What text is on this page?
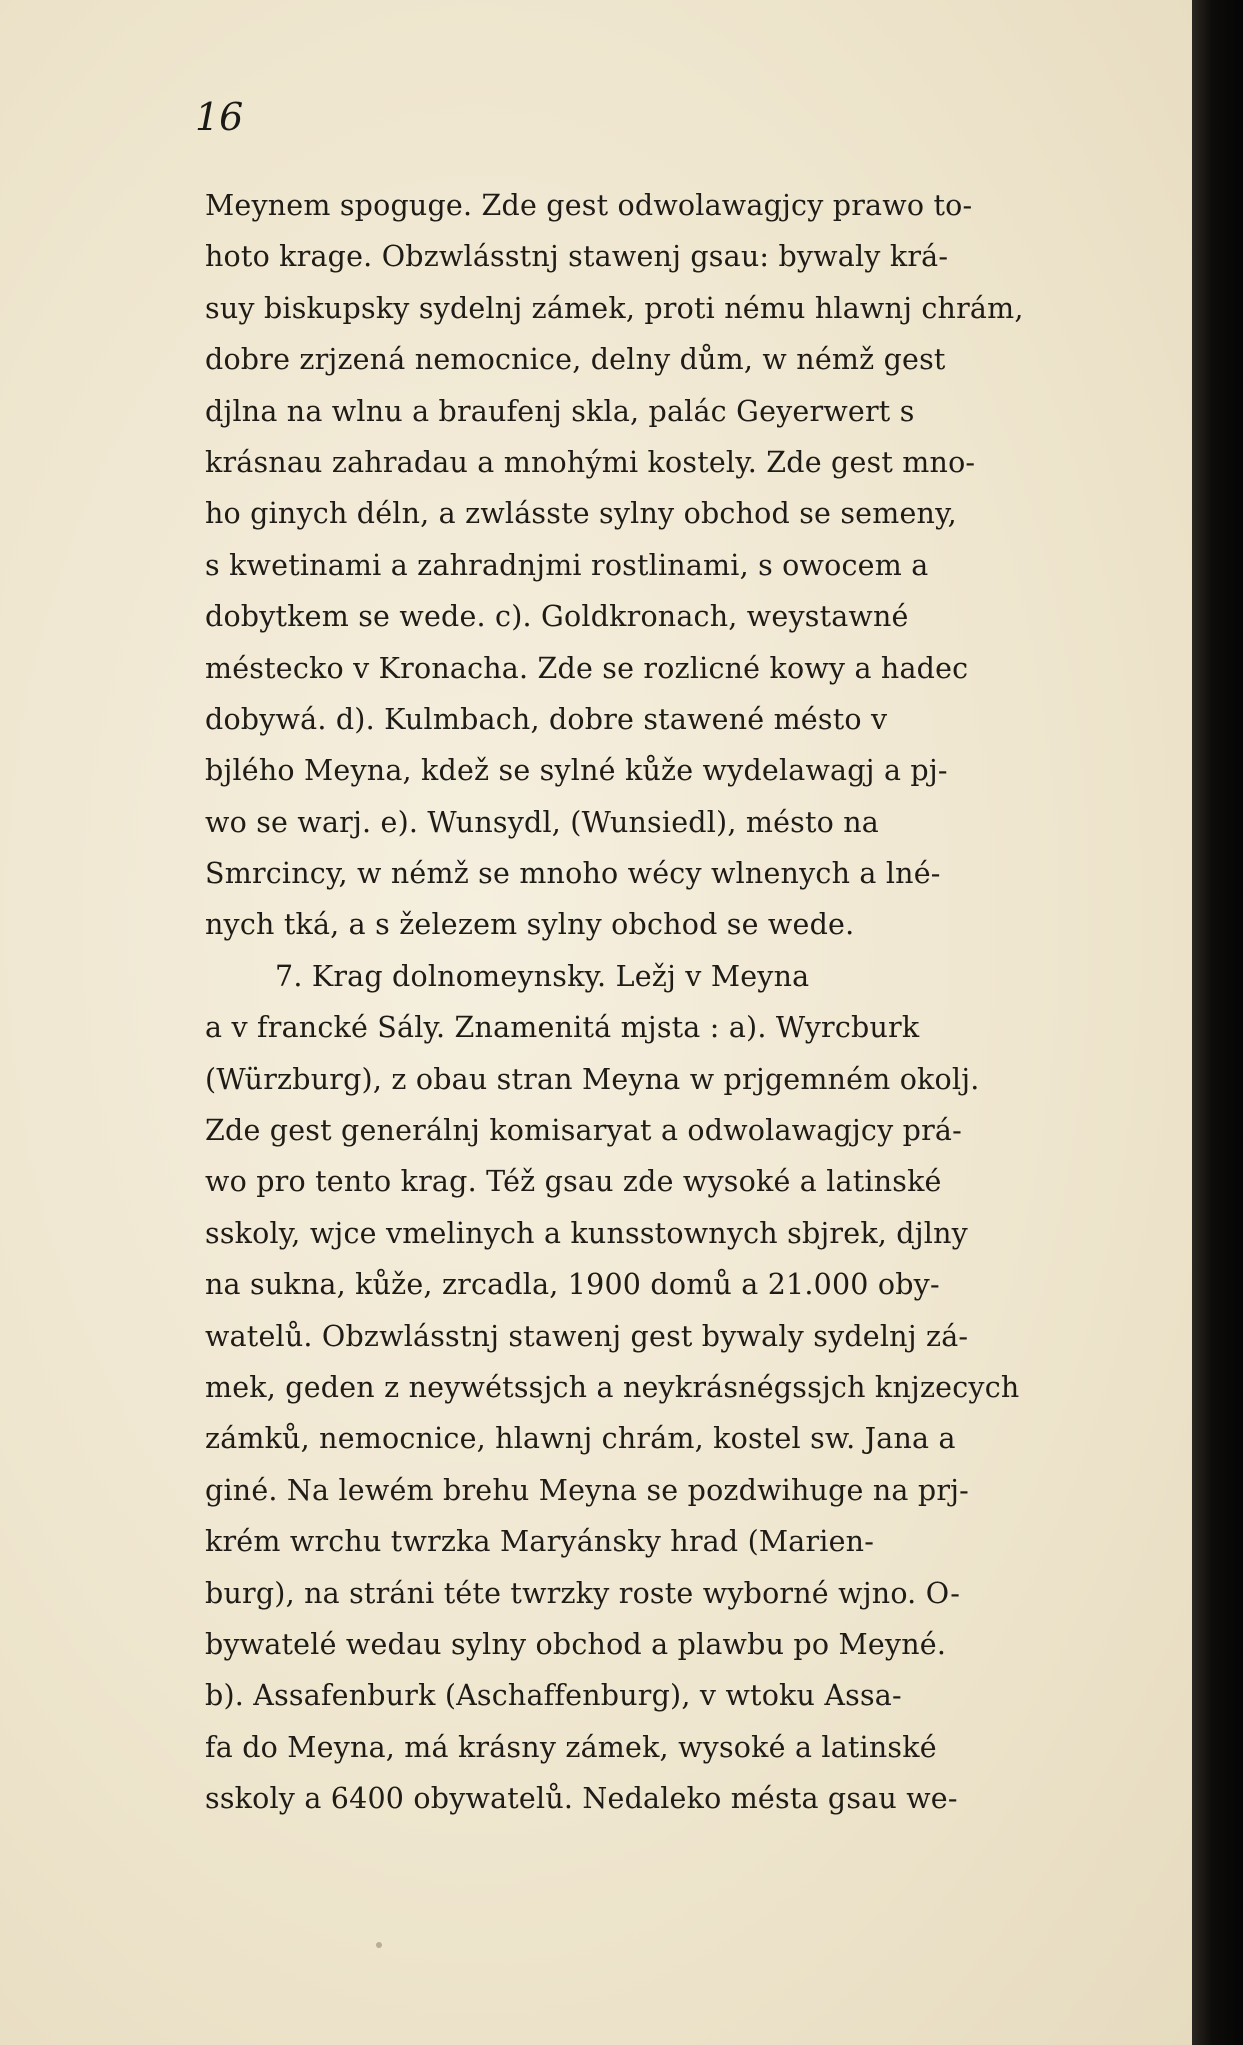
16
Meynem spoguge. Zde gest odwolawagjcy prawo to-
hoto kragе. Obzwlásstnj stawenj gsau: bywaly krá-
suy biskupsky sydelnj zámek, proti nému hlawnj chrám,
dobre zrjzená nemocnice, delny dům, w némž gest
djlna na wlnu a braufenj skla, palác Geyerwert s
krásnau zahradau a mnohými kostely. Zde gest mno-
ho ginych déln, a zwlásste sylny obchod se semeny,
s kwetinami a zahradnjmi rostlinami, s owocem a
dobytkem se wede. c). Goldkronach, weystawné
méstecko v Kronacha. Zde se rozlicné kowy a hadec
dobywá. d). Kulmbach, dobre stawené mésto v
bjlého Meyna, kdež se sylné kůže wydelawagj a pj-
wo se warj. e). Wunsydl, (Wunsiedl), mésto na
Smrcincy, w némž se mnoho wécy wlnenych a lné-
nych tká, a s železem sylny obchod se wede.
7. Krag dolnomeynsky. Ležj v Meyna
a v francké Sály. Znamenitá mjsta : a). Wyrcburk
(Würzburg), z obau stran Meyna w prjgemném okolj.
Zde gest generálnj komisaryat a odwolawagjcy prá-
wo pro tento krag. Též gsau zde wysoké a latinské
sskoly, wjce vmelinych a kunsstownych sbjrek, djlny
na sukna, kůže, zrcadla, 1900 domů a 21.000 oby-
watelů. Obzwlásstnj stawenj gest bywaly sydelnj zá-
mek, geden z neywétssjch a neykrásnégssjch knjzecych
zámků, nemocnice, hlawnj chrám, kostel sw. Jana a
giné. Na lewém brehu Meyna se pozdwihuge na prj-
krém wrchu twrzka Maryánsky hrad (Marien-
burg), na stráni téte twrzky roste wyborné wjno. O-
bywatelé wedau sylny obchod a plawbu po Meyné.
b). Assafenburk (Aschaffenburg), v wtoku Assa-
fa do Meyna, má krásny zámek, wysoké a latinské
sskoly a 6400 obywatelů. Nedaleko mésta gsau we-
